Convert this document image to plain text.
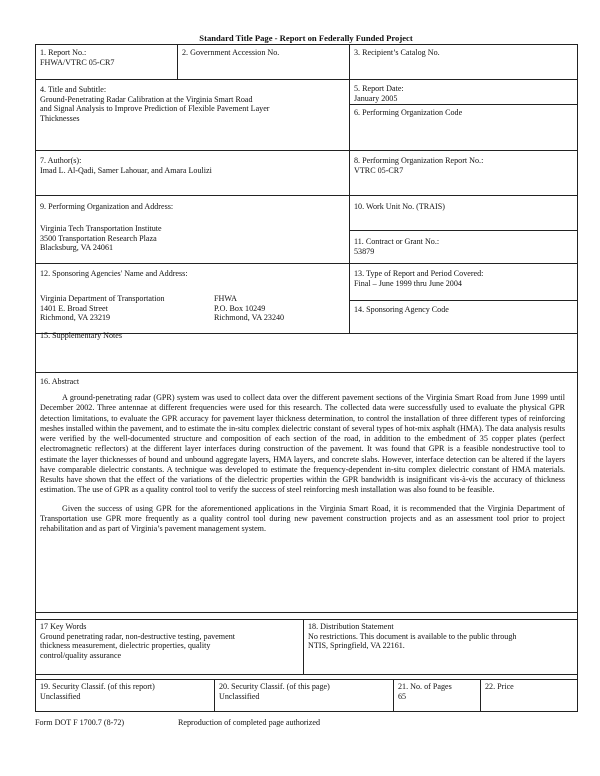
Standard Title Page - Report on Federally Funded Project
1. Report No.:
FHWA/VTRC 05-CR7
2. Government Accession No.	3. Recipient’s Catalog No.
4. Title and Subtitle:
Ground-Penetrating Radar Calibration at the Virginia Smart Road
and Signal Analysis to Improve Prediction of Flexible Pavement Layer
Thicknesses
5. Report Date:
January 2005
6. Performing Organization Code
7. Author(s):
Imad L. Al-Qadi, Samer Lahouar, and Amara Loulizi
8. Performing Organization Report No.:
VTRC 05-CR7
9. Performing Organization and Address:
Virginia Tech Transportation Institute
3500 Transportation Research Plaza
Blacksburg, VA 24061
10. Work Unit No. (TRAIS)
11. Contract or Grant No.:
53879
12. Sponsoring Agencies' Name and Address:
Virginia Department of Transportation
1401 E. Broad Street
Richmond, VA 23219
FHWA
P.O. Box 10249
Richmond, VA 23240
13. Type of Report and Period Covered:
Final – June 1999 thru June 2004
14. Sponsoring Agency Code
15. Supplementary Notes
16. Abstract

A ground-penetrating radar (GPR) system was used to collect data over the different pavement sections of the Virginia Smart Road from June 1999 until December 2002. Three antennae at different frequencies were used for this research. The collected data were successfully used to evaluate the physical GPR detection limitations, to evaluate the GPR accuracy for pavement layer thickness determination, to control the installation of three different types of reinforcing meshes installed within the pavement, and to estimate the in-situ complex dielectric constant of several types of hot-mix asphalt (HMA). The data analysis results were verified by the well-documented structure and composition of each section of the road, in addition to the embedment of 35 copper plates (perfect electromagnetic reflectors) at the different layer interfaces during construction of the pavement. It was found that GPR is a feasible nondestructive tool to estimate the layer thicknesses of bound and unbound aggregate layers, HMA layers, and concrete slabs. However, interface detection can be altered if the layers have comparable dielectric constants. A technique was developed to estimate the frequency-dependent in-situ complex dielectric constant of HMA materials. Results have shown that the effect of the variations of the dielectric properties within the GPR bandwidth is insignificant vis-à-vis the accuracy of thickness estimation. The use of GPR as a quality control tool to verify the success of steel reinforcing mesh installation was also found to be feasible.

Given the success of using GPR for the aforementioned applications in the Virginia Smart Road, it is recommended that the Virginia Department of Transportation use GPR more frequently as a quality control tool during new pavement construction projects and as an assessment tool prior to project rehabilitation and as part of Virginia’s pavement management system.

17 Key Words
Ground penetrating radar, non-destructive testing, pavement
thickness measurement, dielectric properties, quality
control/quality assurance
18. Distribution Statement
No restrictions. This document is available to the public through
NTIS, Springfield, VA 22161.
19. Security Classif. (of this report)
Unclassified
20. Security Classif. (of this page)
Unclassified
21. No. of Pages
65
22. Price
Form DOT F 1700.7 (8-72)	Reproduction of completed page authorized
